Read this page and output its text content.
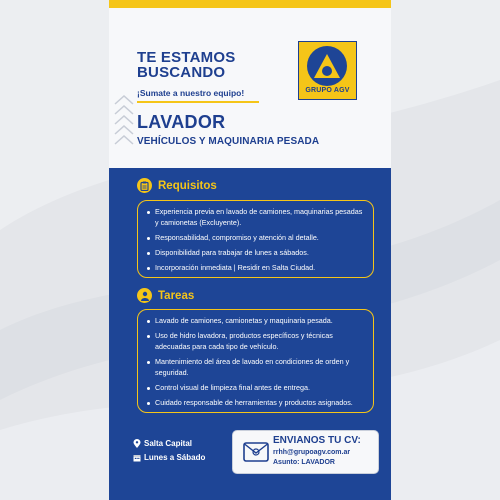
TE ESTAMOS
BUSCANDO
¡Sumate a nuestro equipo!	GRUPO AGV
LAVADOR
VEHÍCULOS Y MAQUINARIA PESADA
Requisitos
Experiencia previa en lavado de camiones, maquinarias pesadas y camionetas (Excluyente).
Responsabilidad, compromiso y atención al detalle.
Disponibilidad para trabajar de lunes a sábados.
Incorporación inmediata | Residir en Salta Ciudad.
Tareas
Lavado de camiones, camionetas y maquinaria pesada.
Uso de hidro lavadora, productos específicos y técnicas adecuadas para cada tipo de vehículo.
Mantenimiento del área de lavado en condiciones de orden y seguridad.
Control visual de limpieza final antes de entrega.
Cuidado responsable de herramientas y productos asignados.
Salta Capital
Lunes a Sábado
ENVIANOS TU CV:
rrhh@grupoagv.com.ar
Asunto: LAVADOR
